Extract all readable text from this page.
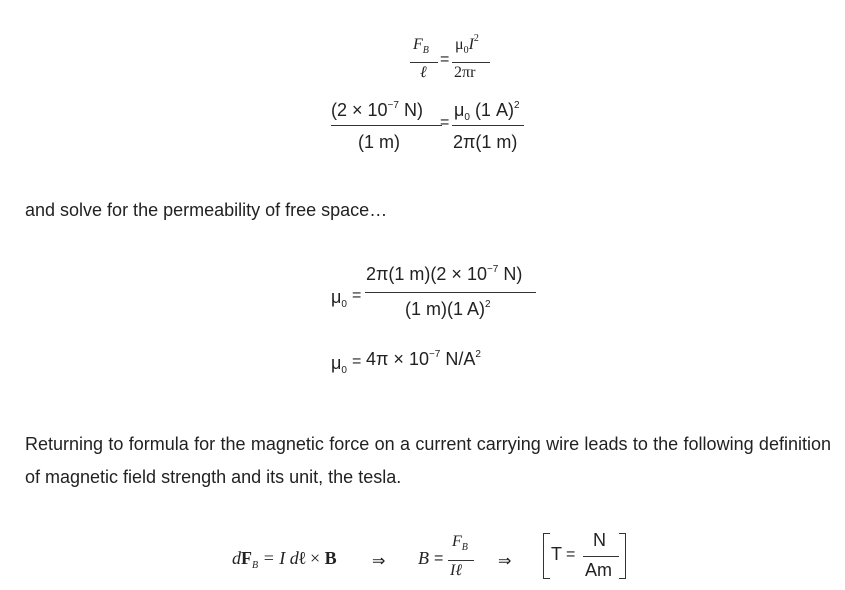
$F_B$
ℓ
=
$\mu_0I^2$
2πr
($2 \times 10^{-7}$ N)
(1 m)
=
$\mu_0$ (1 A)$^2$
2π(1 m)
and solve for the permeability of free space…
$\mu_0$
=
2π(1 $m)(2 \times 10^{-7}$ N)
(1 m)(1 A)$^2$
$\mu_0$
= $4\pi \times 10^{-7}$ $N/A^2$
Returning to formula for the magnetic force on a current carrying wire leads to the following definition of magnetic field strength and its unit, the tesla.
$dF_B = I$ dℓ × B ⇒ B =
$F_B$
Iℓ
⇒ T =
N
Am
